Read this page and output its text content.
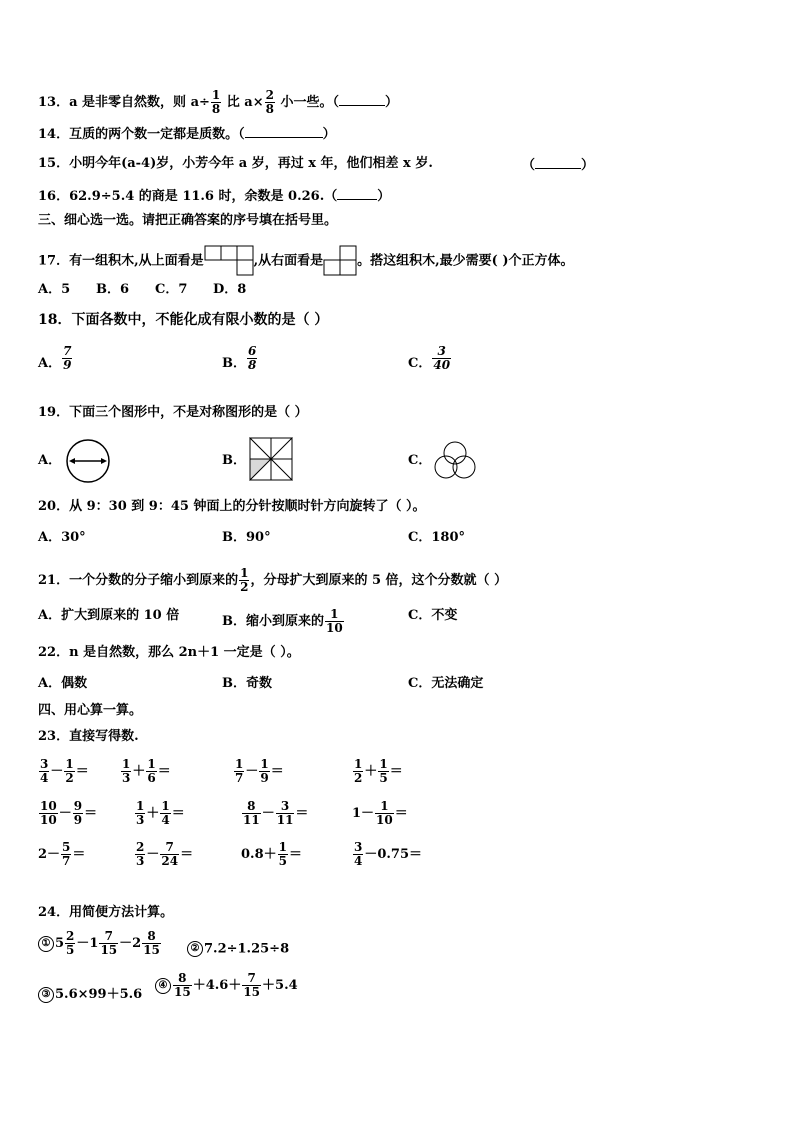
13．a 是非零自然数，则 $a\div \frac{1}{8}$ 比 $a\times \frac{2}{8}$ 小一些。（	）
14．互质的两个数一定都是质数。（	）
15．小明今年(a-4)岁，小芳今年 a 岁，再过 x 年，他们相差 x 岁.	（	）
16．62.9÷5.4 的商是 11.6 时，余数是 0.26.（	）
三、细心选一选。请把正确答案的序号填在括号里。
17．有一组积木,从上面看是	,从右面看是	。搭这组积木,最少需要( )个正方体。
A．5 B．6 C．7 D．8
18．下面各数中，不能化成有限小数的是（ ）
A． $\frac{7}{9}$	B． $\frac{6}{8}$	C． $\frac{3}{40}$
19．下面三个图形中，不是对称图形的是（ ）
A．	B．	C．
20．从 9：30 到 9：45 钟面上的分针按顺时针方向旋转了（ ）。
A．30°	B．90°	C．180°
21．一个分数的分子缩小到原来的 $\frac{1}{2}$ ，分母扩大到原来的 5 倍，这个分数就（ ）
A．扩大到原来的 10 倍	B．缩小到原来的 $\frac{1}{10}$	C．不变
22．n 是自然数，那么 2n＋1 一定是（ ）。
A．偶数	B．奇数	C．无法确定
四、用心算一算。
23．直接写得数.
$\frac{3}{4} - \frac{1}{2}$ ＝	$\frac{1}{3} + \frac{1}{6}$ ＝	$\frac{1}{7} - \frac{1}{9}$ ＝	$\frac{1}{2} + \frac{1}{5}$ ＝
$\frac{10}{10} - \frac{9}{9}$ ＝	$\frac{1}{3} + \frac{1}{4}$ ＝	$\frac{8}{11} - \frac{3}{11}$ ＝	$1- \frac{1}{10}$ ＝
$2- \frac{5}{7}$ ＝	$\frac{2}{3} - \frac{7}{24}$ ＝	$0.8+ \frac{1}{5}$ ＝	$\frac{3}{4} -0.75=$
24．用简便方法计算。
① $5 \frac{2}{5} -1 \frac{7}{15} -2 \frac{8}{15}$	② 7.2÷1.25÷8
③ 5.6×99＋5.6
④ $\frac{8}{15} +4.6+ \frac{7}{15} +5.4$
